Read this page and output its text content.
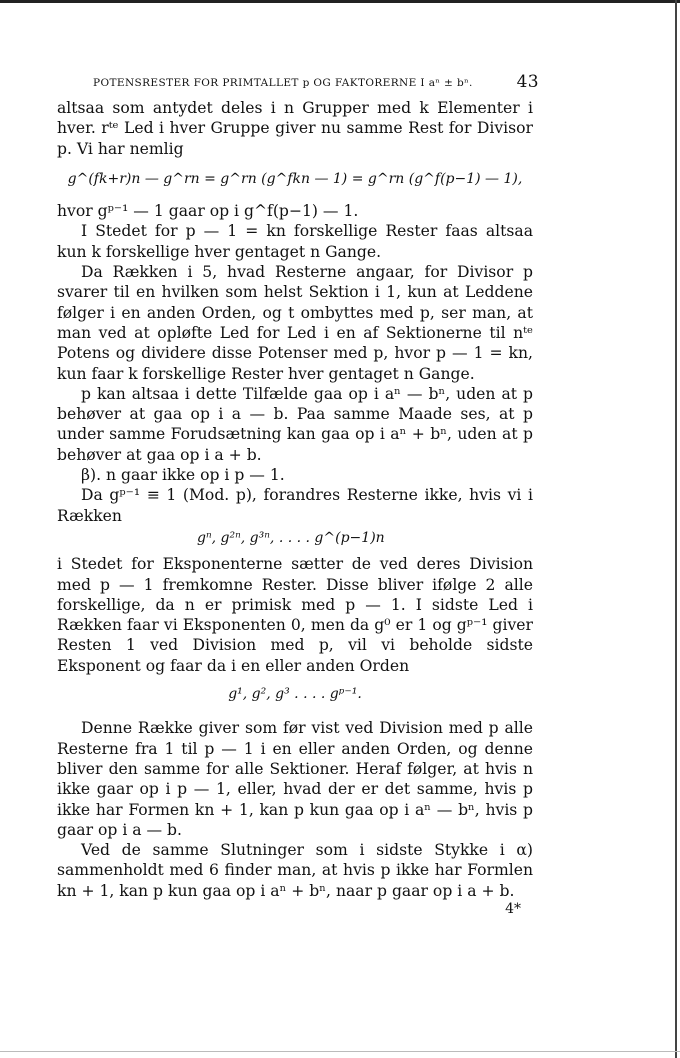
POTENSRESTER FOR PRIMTALLET p OG FAKTORERNE I aⁿ ± bⁿ.	43

altsaa som antydet deles i n Grupper med k Elementer i hver. rᵗᵉ Led i hver Gruppe giver nu samme Rest for Divisor p. Vi har nemlig

g^(fk+r)n — g^rn = g^rn (g^fkn — 1) = g^rn (g^f(p−1) — 1),

hvor gᵖ⁻¹ — 1 gaar op i g^f(p−1) — 1.

I Stedet for p — 1 = kn forskellige Rester faas altsaa kun k forskellige hver gentaget n Gange.

Da Rækken i 5, hvad Resterne angaar, for Divisor p svarer til en hvilken som helst Sektion i 1, kun at Leddene følger i en anden Orden, og t ombyttes med p, ser man, at man ved at opløfte Led for Led i en af Sektionerne til nᵗᵉ Potens og dividere disse Potenser med p, hvor p — 1 = kn, kun faar k forskellige Rester hver gentaget n Gange.

p kan altsaa i dette Tilfælde gaa op i aⁿ — bⁿ, uden at p behøver at gaa op i a — b. Paa samme Maade ses, at p under samme Forudsætning kan gaa op i aⁿ + bⁿ, uden at p behøver at gaa op i a + b.

β). n gaar ikke op i p — 1.

Da gᵖ⁻¹ ≡ 1 (Mod. p), forandres Resterne ikke, hvis vi i Rækken

gⁿ, g²ⁿ, g³ⁿ, . . . . g^(p−1)n

i Stedet for Eksponenterne sætter de ved deres Division med p — 1 fremkomne Rester. Disse bliver ifølge 2 alle forskellige, da n er primisk med p — 1. I sidste Led i Rækken faar vi Eksponenten 0, men da g⁰ er 1 og gᵖ⁻¹ giver Resten 1 ved Division med p, vil vi beholde sidste Eksponent og faar da i en eller anden Orden

g¹, g², g³ . . . . gᵖ⁻¹.

Denne Række giver som før vist ved Division med p alle Resterne fra 1 til p — 1 i en eller anden Orden, og denne bliver den samme for alle Sektioner. Heraf følger, at hvis n ikke gaar op i p — 1, eller, hvad der er det samme, hvis p ikke har Formen kn + 1, kan p kun gaa op i aⁿ — bⁿ, hvis p gaar op i a — b.

Ved de samme Slutninger som i sidste Stykke i α) sammenholdt med 6 finder man, at hvis p ikke har Formlen kn + 1, kan p kun gaa op i aⁿ + bⁿ, naar p gaar op i a + b.

4*
